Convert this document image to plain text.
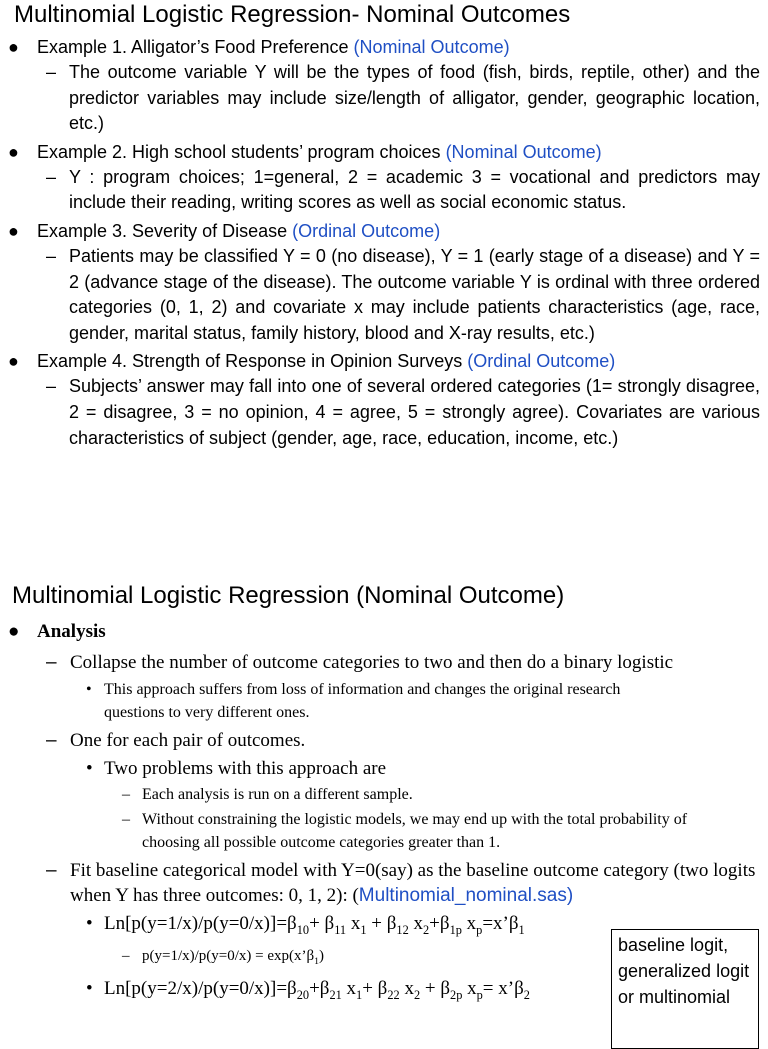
Multinomial Logistic Regression- Nominal Outcomes
● Example 1. Alligator’s Food Preference (Nominal Outcome)
– The outcome variable Y will be the types of food (fish, birds, reptile, other) and the predictor variables may include size/length of alligator, gender, geographic location, etc.)
● Example 2. High school students’ program choices (Nominal Outcome)
– Y : program choices; 1=general, 2 = academic 3 = vocational and predictors may include their reading, writing scores as well as social economic status.
● Example 3. Severity of Disease (Ordinal Outcome)
– Patients may be classified Y = 0 (no disease), Y = 1 (early stage of a disease) and Y = 2 (advance stage of the disease). The outcome variable Y is ordinal with three ordered categories (0, 1, 2) and covariate x may include patients characteristics (age, race, gender, marital status, family history, blood and X-ray results, etc.)
● Example 4. Strength of Response in Opinion Surveys (Ordinal Outcome)
– Subjects’ answer may fall into one of several ordered categories (1= strongly disagree, 2 = disagree, 3 = no opinion, 4 = agree, 5 = strongly agree). Covariates are various characteristics of subject (gender, age, race, education, income, etc.)
Multinomial Logistic Regression (Nominal Outcome)
● Analysis
– Collapse the number of outcome categories to two and then do a binary logistic
• This approach suffers from loss of information and changes the original research questions to very different ones.
– One for each pair of outcomes.
• Two problems with this approach are
– Each analysis is run on a different sample.
– Without constraining the logistic models, we may end up with the total probability of choosing all possible outcome categories greater than 1.
– Fit baseline categorical model with Y=0(say) as the baseline outcome category (two logits when Y has three outcomes: 0, 1, 2): (Multinomial_nominal.sas)
• $Ln[p(y=1/x)/p(y=0/x)]=\beta_{10}+ \beta_{11}$ $x_1 + \beta_{12}$ $x_2+\beta_{1p}$ $x_p=x’\beta_1$
– $p(y=1/x)/p(y=0/x) = \exp(x’\beta_1)$
• $Ln[p(y=2/x)/p(y=0/x)]=\beta_{20}+\beta_{21}$ $x_1+ \beta_{22}$ $x_2 + \beta_{2p}$ $x_p=$ $x’\beta_2$
baseline logit, generalized logit or multinomial
